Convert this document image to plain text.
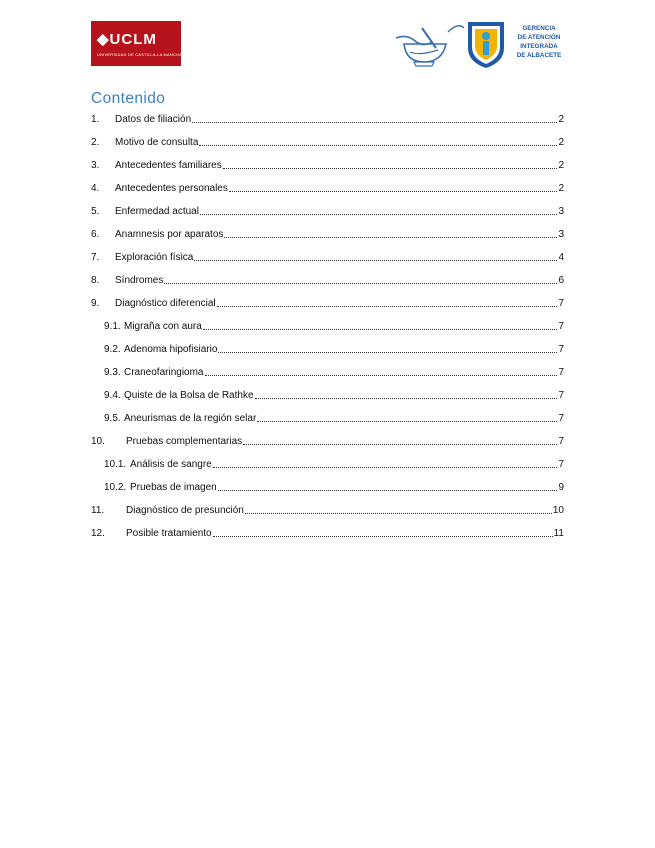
◆UCLM
UNIVERSIDAD DE CASTILLA-LA MANCHA
GERENCIA
DE ATENCIÓN
INTEGRADA
DE ALBACETE
Contenido
1.	Datos de filiación	2
2.	Motivo de consulta	2
3.	Antecedentes familiares	2
4.	Antecedentes personales	2
5.	Enfermedad actual	3
6.	Anamnesis por aparatos	3
7.	Exploración física	4
8.	Síndromes	6
9.	Diagnóstico diferencial	7
9.1. Migraña con aura	7
9.2. Adenoma hipofisiario	7
9.3. Craneofaringioma	7
9.4. Quiste de la Bolsa de Rathke	7
9.5. Aneurismas de la región selar	7
10.	Pruebas complementarias	7
10.1. Análisis de sangre	7
10.2. Pruebas de imagen	9
11.	Diagnóstico de presunción	10
12.	Posible tratamiento	11
